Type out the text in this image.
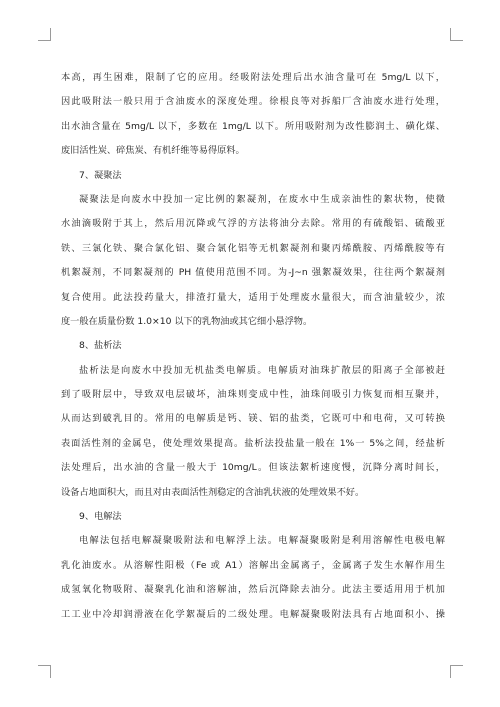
本高，再生困难，限制了它的应用。经吸附法处理后出水油含量可在 5mg/L 以下，
因此吸附法一般只用于含油废水的深度处理。徐根良等对拆船厂含油废水进行处理，
出水油含量在 5mg/L 以下，多数在 1mg/L 以下。所用吸附剂为改性膨润土、磺化煤、
废旧活性炭、碎焦炭、有机纤维等易得原料。
7、凝聚法
凝聚法是向废水中投加一定比例的絮凝剂，在废水中生成亲油性的絮状物，使微
水油滴吸附于其上，然后用沉降或气浮的方法将油分去除。常用的有硫酸铝、硫酸亚
铁、三氯化铁、聚合氯化铝、聚合氯化铝等无机絮凝剂和聚丙烯酰胺、丙烯酰胺等有
机絮凝剂，不同絮凝剂的 PH 值使用范围不同。为-J~n 强絮凝效果，往往两个絮凝剂
复合使用。此法投药量大，排渣打量大，适用于处理废水量很大，而含油量较少，浓
度一般在质量份数 1.0×10 以下的乳物油或其它细小悬浮物。
8、盐析法
盐析法是向废水中投加无机盐类电解质。电解质对油珠扩散层的阳离子全部被赶
到了吸附层中，导致双电层破坏，油珠则变成中性，油珠间吸引力恢复而相互聚并，
从而达到破乳目的。常用的电解质是钙、镁、铝的盐类，它既可中和电荷，又可转换
表面活性剂的金属皂，使处理效果提高。盐析法投盐量一般在 1%一 5%之间，经盐析
法处理后，出水油的含量一般大于 10mg/L。但该法絮析速度慢，沉降分离时间长，
设备占地面积大，而且对由表面活性剂稳定的含油乳状液的处理效果不好。
9、电解法
电解法包括电解凝聚吸附法和电解浮上法。电解凝聚吸附是利用溶解性电极电解
乳化油废水。从溶解性阳极（Fe 或 A1）溶解出金属离子，金属离子发生水解作用生
成氢氧化物吸附、凝聚乳化油和溶解油，然后沉降除去油分。此法主要适用用于机加
工工业中冷却润滑液在化学絮凝后的二级处理。电解凝聚吸附法具有占地面积小、操
